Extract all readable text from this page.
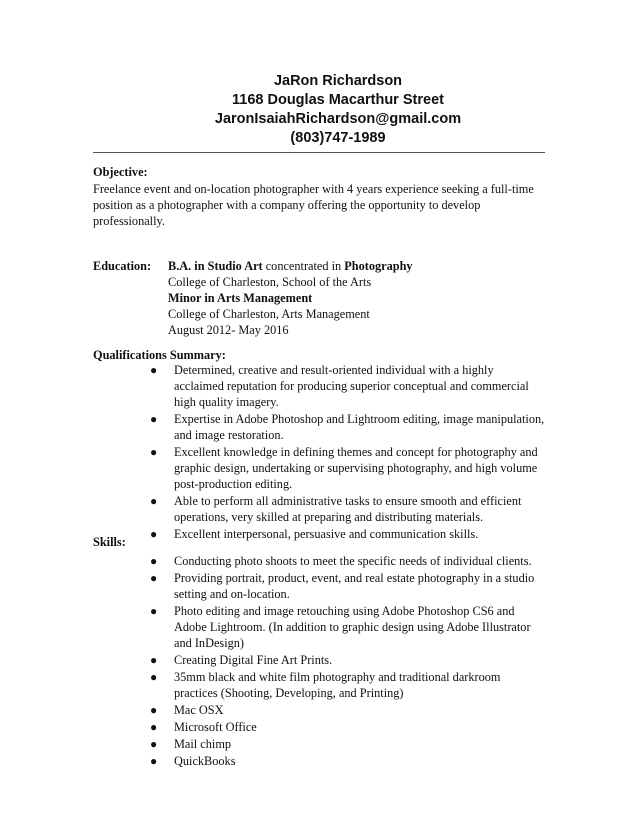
JaRon Richardson
1168 Douglas Macarthur Street
JaronIsaiahRichardson@gmail.com
(803)747-1989
Objective:
Freelance event and on-location photographer with 4 years experience seeking a full-time
position as a photographer with a company offering the opportunity to develop
professionally.
Education: B.A. in Studio Art concentrated in Photography
College of Charleston, School of the Arts
Minor in Arts Management
College of Charleston, Arts Management
August 2012- May 2016
Qualifications Summary:
● Determined, creative and result-oriented individual with a highly acclaimed reputation for producing superior conceptual and commercial high quality imagery.
● Expertise in Adobe Photoshop and Lightroom editing, image manipulation, and image restoration.
● Excellent knowledge in defining themes and concept for photography and graphic design, undertaking or supervising photography, and high volume post-production editing.
● Able to perform all administrative tasks to ensure smooth and efficient operations, very skilled at preparing and distributing materials.
● Excellent interpersonal, persuasive and communication skills.
Skills:
● Conducting photo shoots to meet the specific needs of individual clients.
● Providing portrait, product, event, and real estate photography in a studio setting and on-location.
● Photo editing and image retouching using Adobe Photoshop CS6 and Adobe Lightroom. (In addition to graphic design using Adobe Illustrator and InDesign)
● Creating Digital Fine Art Prints.
● 35mm black and white film photography and traditional darkroom practices (Shooting, Developing, and Printing)
● Mac OSX
● Microsoft Office
● Mail chimp
● QuickBooks
